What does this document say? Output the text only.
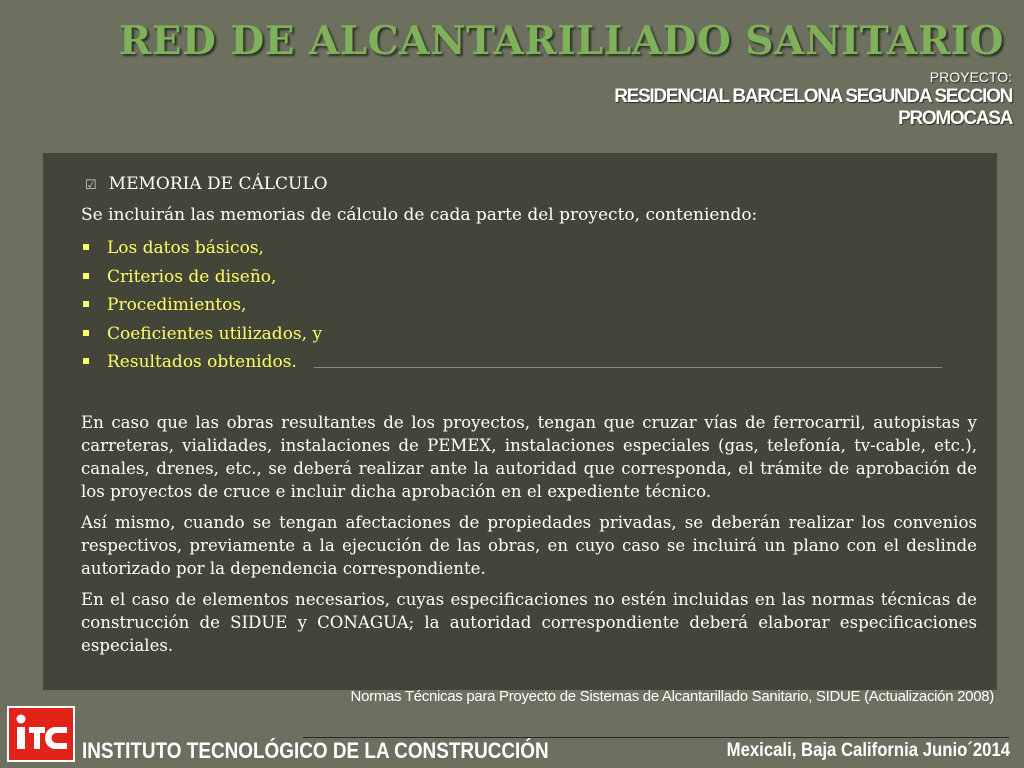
RED DE ALCANTARILLADO SANITARIO
PROYECTO:
RESIDENCIAL BARCELONA SEGUNDA SECCION
PROMOCASA
☑ MEMORIA DE CÁLCULO
Se incluirán las memorias de cálculo de cada parte del proyecto, conteniendo:
Los datos básicos,
Criterios de diseño,
Procedimientos,
Coeficientes utilizados, y
Resultados obtenidos.

En caso que las obras resultantes de los proyectos, tengan que cruzar vías de ferrocarril, autopistas y carreteras, vialidades, instalaciones de PEMEX, instalaciones especiales (gas, telefonía, tv-cable, etc.), canales, drenes, etc., se deberá realizar ante la autoridad que corresponda, el trámite de aprobación de los proyectos de cruce e incluir dicha aprobación en el expediente técnico.

Así mismo, cuando se tengan afectaciones de propiedades privadas, se deberán realizar los convenios respectivos, previamente a la ejecución de las obras, en cuyo caso se incluirá un plano con el deslinde autorizado por la dependencia correspondiente.

En el caso de elementos necesarios, cuyas especificaciones no estén incluidas en las normas técnicas de construcción de SIDUE y CONAGUA; la autoridad correspondiente deberá elaborar especificaciones especiales.

Normas Técnicas para Proyecto de Sistemas de Alcantarillado Sanitario, SIDUE (Actualización 2008)
INSTITUTO TECNOLÓGICO DE LA CONSTRUCCIÓN	Mexicali, Baja California Junio´2014
